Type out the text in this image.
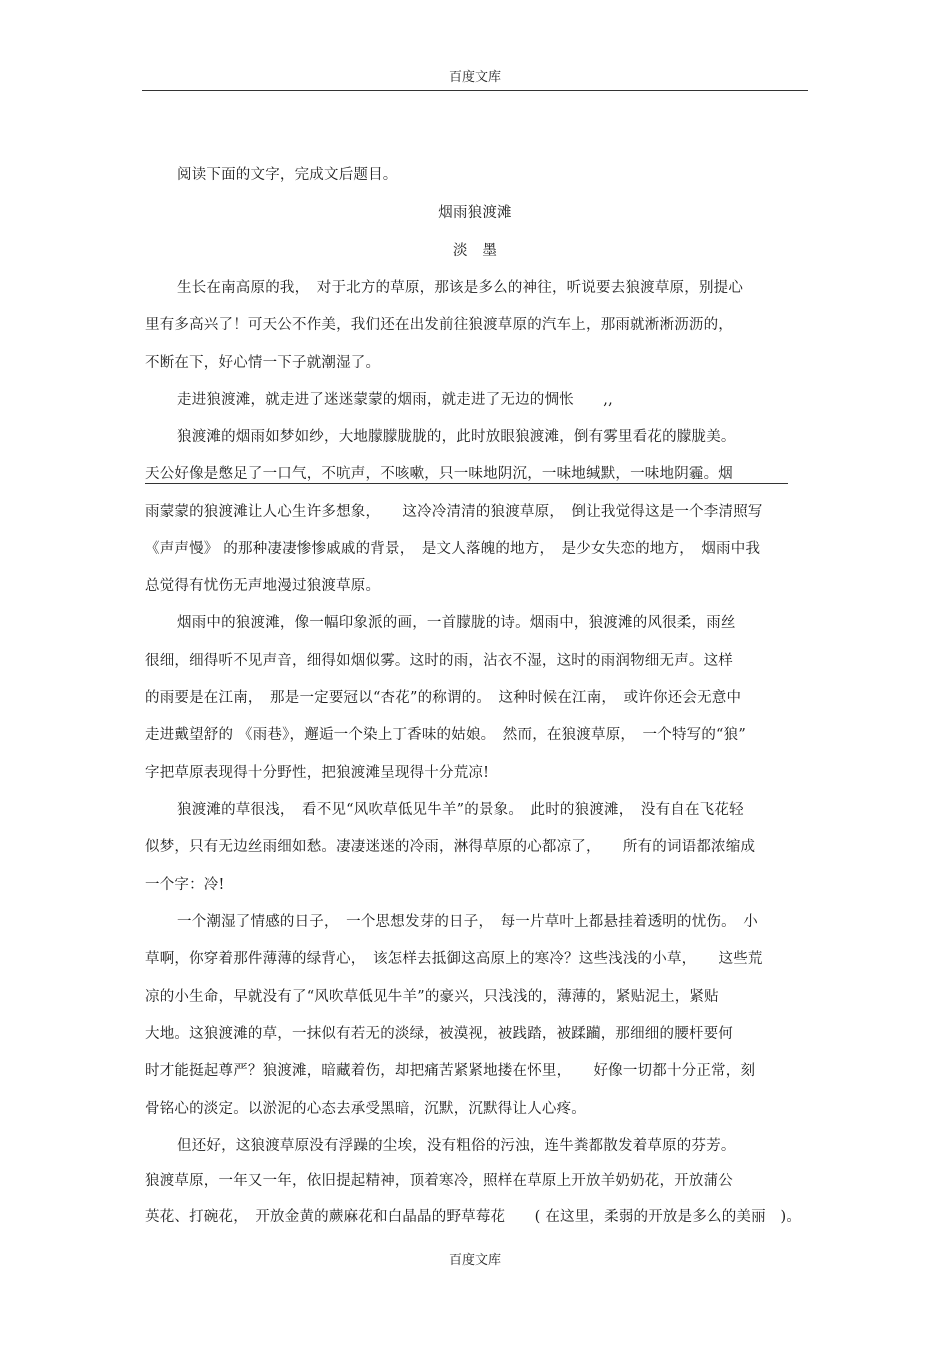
百度文库
阅读下面的文字，完成文后题目。
烟雨狼渡滩
淡　墨
生长在南高原的我，　对于北方的草原，那该是多么的神往，听说要去狼渡草原，别提心
里有多高兴了！可天公不作美，我们还在出发前往狼渡草原的汽车上，那雨就淅淅沥沥的，
不断在下，好心情一下子就潮湿了。
走进狼渡滩，就走进了迷迷蒙蒙的烟雨，就走进了无边的惆怅　　,,
狼渡滩的烟雨如梦如纱，大地朦朦胧胧的，此时放眼狼渡滩，倒有雾里看花的朦胧美。
天公好像是憋足了一口气，不吭声，不咳嗽，只一味地阴沉，一味地缄默，一味地阴霾。烟
雨蒙蒙的狼渡滩让人心生许多想象，　　这冷冷清清的狼渡草原，　倒让我觉得这是一个李清照写
《声声慢》 的那种凄凄惨惨戚戚的背景，　是文人落魄的地方，　是少女失恋的地方，　烟雨中我
总觉得有忧伤无声地漫过狼渡草原。
烟雨中的狼渡滩，像一幅印象派的画，一首朦胧的诗。烟雨中，狼渡滩的风很柔，雨丝
很细，细得听不见声音，细得如烟似雾。这时的雨，沾衣不湿，这时的雨润物细无声。这样
的雨要是在江南，　那是一定要冠以“杏花”的称谓的。　这种时候在江南，　或许你还会无意中
走进戴望舒的 《雨巷》，邂逅一个染上丁香味的姑娘。　然而，在狼渡草原，　一个特写的“狼”
字把草原表现得十分野性，把狼渡滩呈现得十分荒凉!
狼渡滩的草很浅，　看不见“风吹草低见牛羊”的景象。　此时的狼渡滩，　没有自在飞花轻
似梦，只有无边丝雨细如愁。凄凄迷迷的冷雨，淋得草原的心都凉了，　　所有的词语都浓缩成
一个字：冷!
一个潮湿了情感的日子，　一个思想发芽的日子，　每一片草叶上都悬挂着透明的忧伤。　小
草啊，你穿着那件薄薄的绿背心，　该怎样去抵御这高原上的寒冷？这些浅浅的小草，　　这些荒
凉的小生命，早就没有了“风吹草低见牛羊”的豪兴，只浅浅的，薄薄的，紧贴泥土，紧贴
大地。这狼渡滩的草，一抹似有若无的淡绿，被漠视，被践踏，被蹂躏，那细细的腰杆要何
时才能挺起尊严？狼渡滩，暗藏着伤，却把痛苦紧紧地搂在怀里，　　好像一切都十分正常，刻
骨铭心的淡定。以淤泥的心态去承受黑暗，沉默，沉默得让人心疼。
但还好，这狼渡草原没有浮躁的尘埃，没有粗俗的污浊，连牛粪都散发着草原的芬芳。
狼渡草原，一年又一年，依旧提起精神，顶着寒冷，照样在草原上开放羊奶奶花，开放蒲公
英花、打碗花，　开放金黄的蕨麻花和白晶晶的野草莓花　　( 在这里，柔弱的开放是多么的美丽　)。
百度文库
